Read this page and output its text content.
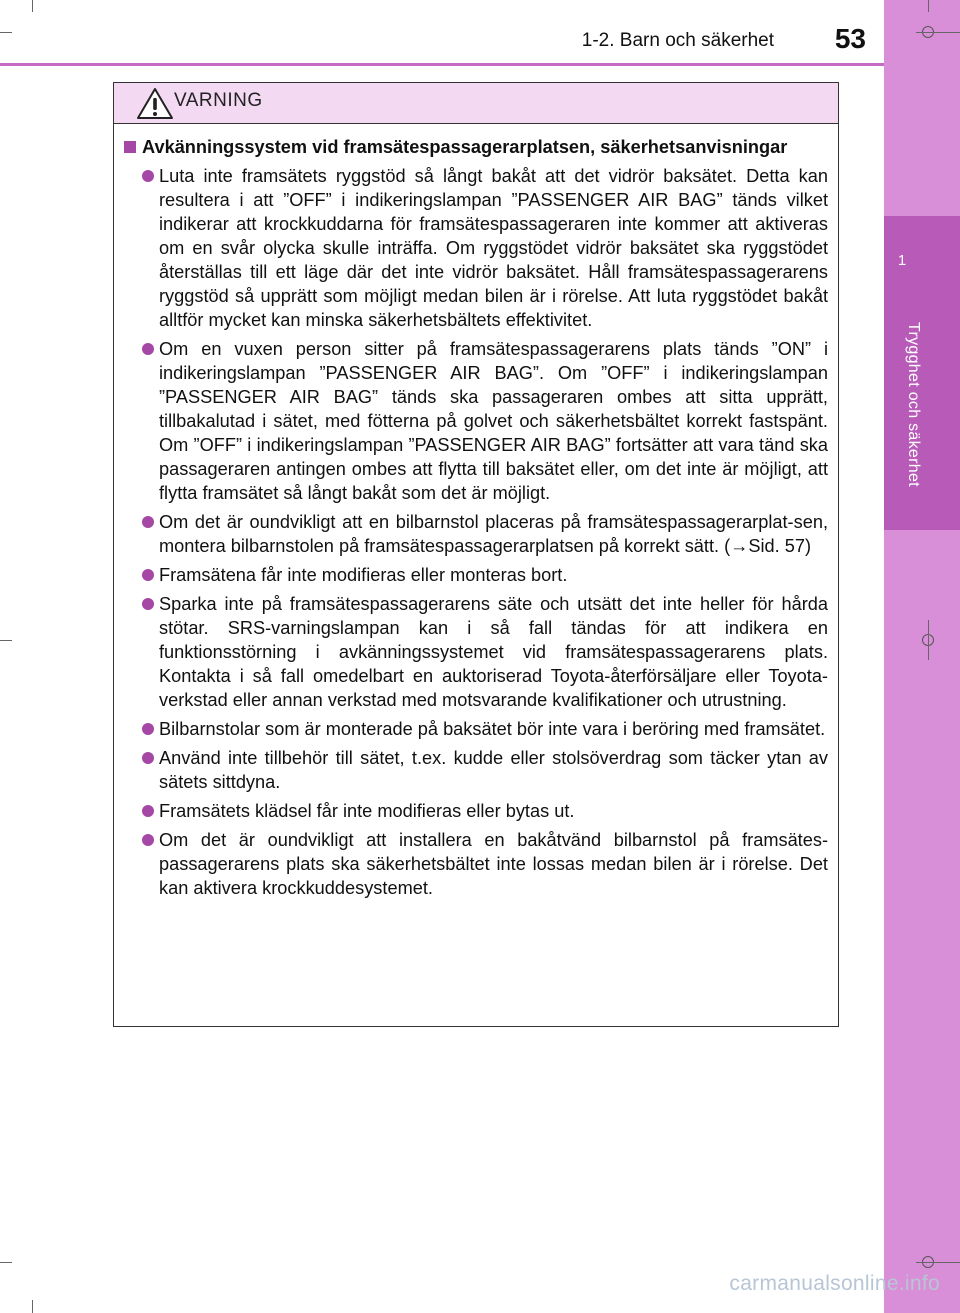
1
Trygghet och säkerhet
1-2. Barn och säkerhet	53
VARNING
Avkänningssystem vid framsätespassagerarplatsen, säkerhetsanvisningar
Luta inte framsätets ryggstöd så långt bakåt att det vidrör baksätet. Detta kan resultera i att ”OFF” i indikeringslampan ”PASSENGER AIR BAG” tänds vilket indikerar att krockkuddarna för framsätespassageraren inte kommer att aktiveras om en svår olycka skulle inträffa. Om ryggstödet vidrör baksätet ska ryggstödet återställas till ett läge där det inte vidrör baksätet. Håll framsätespassagerarens ryggstöd så upprätt som möjligt medan bilen är i rörelse. Att luta ryggstödet bakåt alltför mycket kan minska säkerhetsbältets effektivitet.
Om en vuxen person sitter på framsätespassagerarens plats tänds ”ON” i indikeringslampan ”PASSENGER AIR BAG”. Om ”OFF” i indikeringslampan ”PASSENGER AIR BAG” tänds ska passageraren ombes att sitta upprätt, tillbakalutad i sätet, med fötterna på golvet och säkerhetsbältet korrekt fastspänt. Om ”OFF” i indikeringslampan ”PASSENGER AIR BAG” fortsätter att vara tänd ska passageraren antingen ombes att flytta till baksätet eller, om det inte är möjligt, att flytta framsätet så långt bakåt som det är möjligt.
Om det är oundvikligt att en bilbarnstol placeras på framsätespassagerarplat-sen, montera bilbarnstolen på framsätespassagerarplatsen på korrekt sätt. (→Sid. 57)
Framsätena får inte modifieras eller monteras bort.
Sparka inte på framsätespassagerarens säte och utsätt det inte heller för hårda stötar. SRS-varningslampan kan i så fall tändas för att indikera en funktionsstörning i avkänningssystemet vid framsätespassagerarens plats. Kontakta i så fall omedelbart en auktoriserad Toyota-återförsäljare eller Toyota-verkstad eller annan verkstad med motsvarande kvalifikationer och utrustning.
Bilbarnstolar som är monterade på baksätet bör inte vara i beröring med framsätet.
Använd inte tillbehör till sätet, t.ex. kudde eller stolsöverdrag som täcker ytan av sätets sittdyna.
Framsätets klädsel får inte modifieras eller bytas ut.
Om det är oundvikligt att installera en bakåtvänd bilbarnstol på framsätes-passagerarens plats ska säkerhetsbältet inte lossas medan bilen är i rörelse. Det kan aktivera krockkuddesystemet.
carmanualsonline.info
